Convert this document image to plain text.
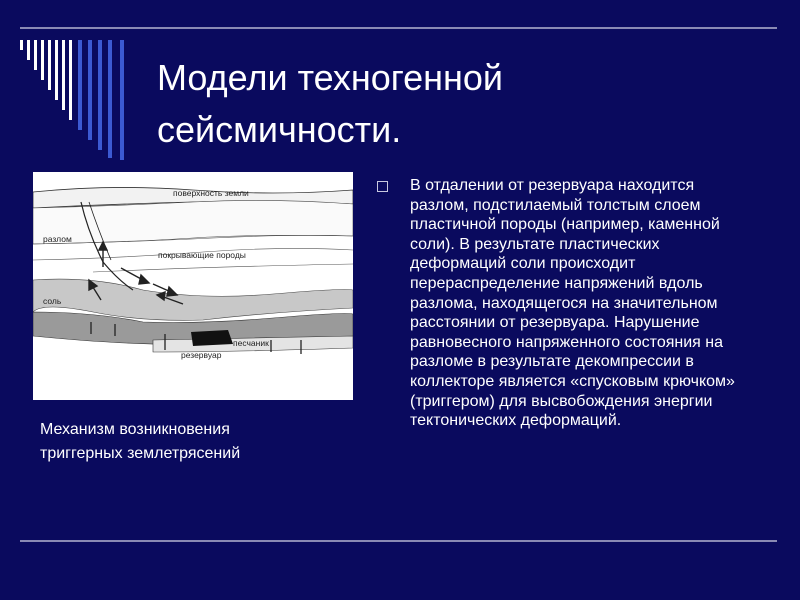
Модели техногенной
сейсмичности.
поверхность земли
разлом
покрывающие породы
соль
песчаник
резервуар
Механизм возникновения
триггерных землетрясений
В отдалении от резервуара находится разлом, подстилаемый толстым слоем пластичной породы (например, каменной соли). В результате пластических деформаций соли происходит перераспределение напряжений вдоль разлома, находящегося на значительном расстоянии от резервуара. Нарушение равновесного напряженного состояния на разломе в результате декомпрессии в коллекторе является «спусковым крючком» (триггером) для высвобождения энергии тектонических деформаций.
